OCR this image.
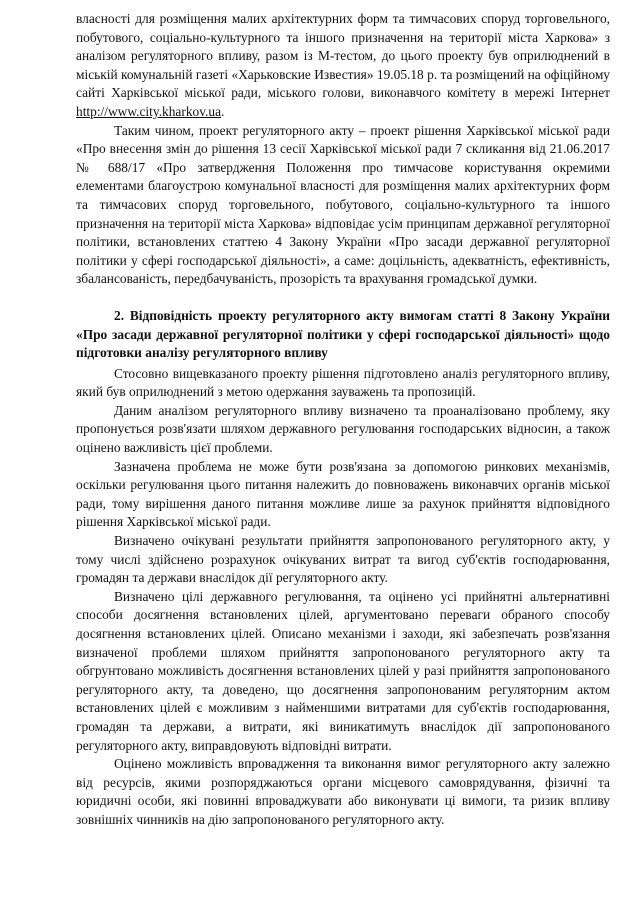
власності для розміщення малих архітектурних форм та тимчасових споруд торговельного, побутового, соціально-культурного та іншого призначення на території міста Харкова» з аналізом регуляторного впливу, разом із М-тестом, до цього проекту був оприлюднений в міській комунальній газеті «Харьковские Известия» 19.05.18 р. та розміщений на офіційному сайті Харківської міської ради, міського голови, виконавчого комітету в мережі Інтернет http://www.city.kharkov.ua.

Таким чином, проект регуляторного акту – проект рішення Харківської міської ради «Про внесення змін до рішення 13 сесії Харківської міської ради 7 скликання від 21.06.2017 № 688/17 «Про затвердження Положення про тимчасове користування окремими елементами благоустрою комунальної власності для розміщення малих архітектурних форм та тимчасових споруд торговельного, побутового, соціально-культурного та іншого призначення на території міста Харкова» відповідає усім принципам державної регуляторної політики, встановлених статтею 4 Закону України «Про засади державної регуляторної політики у сфері господарської діяльності», а саме: доцільність, адекватність, ефективність, збалансованість, передбачуваність, прозорість та врахування громадської думки.

2. Відповідність проекту регуляторного акту вимогам статті 8 Закону України «Про засади державної регуляторної політики у сфері господарської діяльності» щодо підготовки аналізу регуляторного впливу

Стосовно вищевказаного проекту рішення підготовлено аналіз регуляторного впливу, який був оприлюднений з метою одержання зауважень та пропозицій.

Даним аналізом регуляторного впливу визначено та проаналізовано проблему, яку пропонується розв'язати шляхом державного регулювання господарських відносин, а також оцінено важливість цієї проблеми.

Зазначена проблема не може бути розв'язана за допомогою ринкових механізмів, оскільки регулювання цього питання належить до повноважень виконавчих органів міської ради, тому вирішення даного питання можливе лише за рахунок прийняття відповідного рішення Харківської міської ради.

Визначено очікувані результати прийняття запропонованого регуляторного акту, у тому числі здійснено розрахунок очікуваних витрат та вигод суб'єктів господарювання, громадян та держави внаслідок дії регуляторного акту.

Визначено цілі державного регулювання, та оцінено усі прийнятні альтернативні способи досягнення встановлених цілей, аргументовано переваги обраного способу досягнення встановлених цілей. Описано механізми і заходи, які забезпечать розв'язання визначеної проблеми шляхом прийняття запропонованого регуляторного акту та обгрунтовано можливість досягнення встановлених цілей у разі прийняття запропонованого регуляторного акту, та доведено, що досягнення запропонованим регуляторним актом встановлених цілей є можливим з найменшими витратами для суб'єктів господарювання, громадян та держави, а витрати, які виникатимуть внаслідок дії запропонованого регуляторного акту, виправдовують відповідні витрати.

Оцінено можливість впровадження та виконання вимог регуляторного акту залежно від ресурсів, якими розпоряджаються органи місцевого самоврядування, фізичні та юридичні особи, які повинні впроваджувати або виконувати ці вимоги, та ризик впливу зовнішніх чинників на дію запропонованого регуляторного акту.
